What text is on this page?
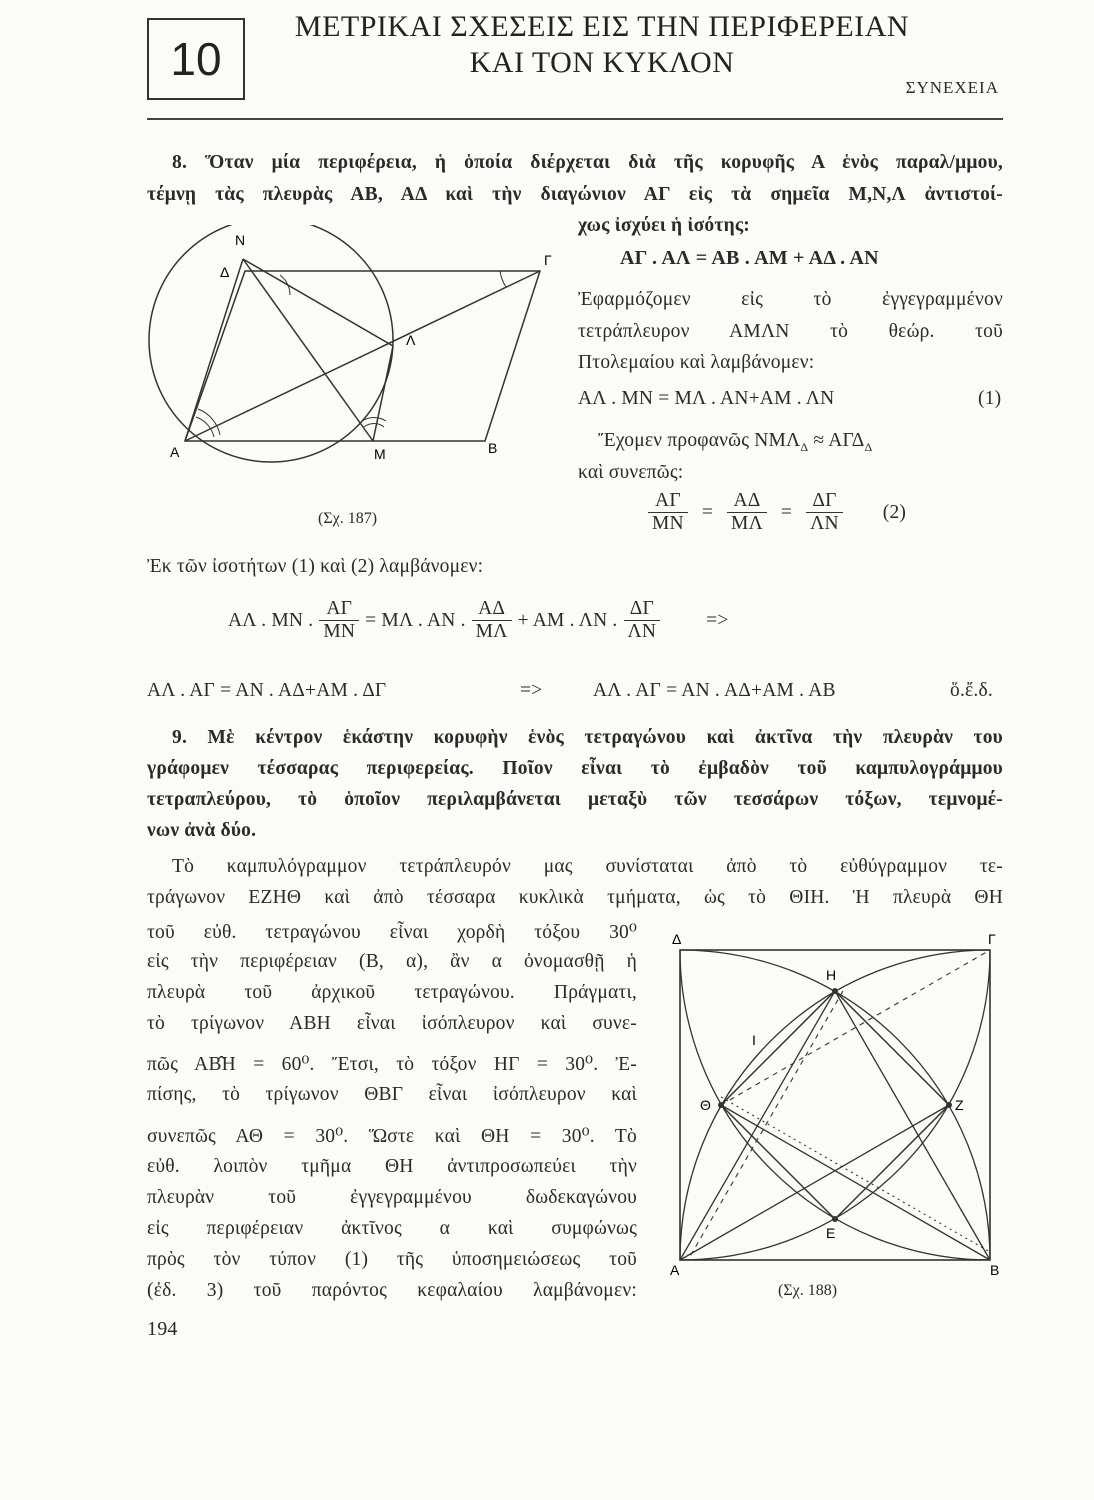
10
ΜΕΤΡΙΚΑΙ ΣΧΕΣΕΙΣ ΕΙΣ ΤΗΝ ΠΕΡΙΦΕΡΕΙΑΝ
ΚΑΙ ΤΟΝ ΚΥΚΛΟΝ
ΣΥΝΕΧΕΙΑ
8. Ὅταν μία περιφέρεια, ἡ ὁποία διέρχεται διὰ τῆς κορυφῆς Α ἑνὸς παραλ/μμου,
τέμνῃ τὰς πλευρὰς ΑΒ, ΑΔ καὶ τὴν διαγώνιον ΑΓ εἰς τὰ σημεῖα Μ,Ν,Λ ἀντιστοί-
χως ἰσχύει ἡ ἰσότης:
Ν
Δ
Γ
Λ
Α	Μ	Β
(Σχ. 187)
ΑΓ . ΑΛ = ΑΒ . ΑΜ + ΑΔ . ΑΝ
Ἐφαρμόζομεν εἰς τὸ ἐγγεγραμμένον
τετράπλευρον ΑΜΛΝ τὸ θεώρ. τοῦ
Πτολεμαίου καὶ λαμβάνομεν:
ΑΛ . ΜΝ = ΜΛ . ΑΝ+ΑΜ . ΛΝ	(1)
Ἔχομεν προφανῶς $NM\Lambda_\Delta \approx A\Gamma\Delta_\Delta$
καὶ συνεπῶς:
$\frac{A\Gamma}{MN} = \frac{A\Delta}{M\Lambda} = \frac{\Delta\Gamma}{\Lambda N} (2)$
Ἐκ τῶν ἰσοτήτων (1) καὶ (2) λαμβάνομεν:
ΑΛ . ΜΝ . $\frac{A\Gamma}{MN} = M\Lambda$ . ΑΝ . $\frac{A\Delta}{M\Lambda} + AM$ . ΛΝ . $\frac{\Delta\Gamma}{\Lambda N}$ =>
ΑΛ . ΑΓ = ΑΝ . ΑΔ+ΑΜ . ΔΓ	=>	ΑΛ . ΑΓ = ΑΝ . ΑΔ+ΑΜ . ΑΒ	ὅ.ἔ.δ.
9. Μὲ κέντρον ἑκάστην κορυφὴν ἑνὸς τετραγώνου καὶ ἀκτῖνα τὴν πλευρὰν του
γράφομεν τέσσαρας περιφερείας. Ποῖον εἶναι τὸ ἐμβαδὸν τοῦ καμπυλογράμμου
τετραπλεύρου, τὸ ὁποῖον περιλαμβάνεται μεταξὺ τῶν τεσσάρων τόξων, τεμνομέ-
νων ἀνὰ δύο.
Τὸ καμπυλόγραμμον τετράπλευρόν μας συνίσταται ἀπὸ τὸ εὐθύγραμμον τε-
τράγωνον ΕΖΗΘ καὶ ἀπὸ τέσσαρα κυκλικὰ τμήματα, ὡς τὸ ΘΙΗ. Ἡ πλευρὰ ΘΗ
τοῦ εὐθ. τετραγώνου εἶναι χορδὴ τόξου 30⁰
εἰς τὴν περιφέρειαν (Β, α), ἂν α ὀνομασθῇ ἡ
πλευρὰ τοῦ ἀρχικοῦ τετραγώνου. Πράγματι,
τὸ τρίγωνον ΑΒΗ εἶναι ἰσόπλευρον καὶ συνε-
πῶς ΑΒ̂Η = 60⁰. Ἔτσι, τὸ τόξον ΗΓ = 30⁰. Ἐ-
πίσης, τὸ τρίγωνον ΘΒΓ εἶναι ἰσόπλευρον καὶ
συνεπῶς ΑΘ = 30⁰. Ὥστε καὶ ΘΗ = 30⁰. Τὸ
εὐθ. λοιπὸν τμῆμα ΘΗ ἀντιπροσωπεύει τὴν
πλευρὰν τοῦ ἐγγεγραμμένου δωδεκαγώνου
εἰς περιφέρειαν ἀκτῖνος α καὶ συμφώνως
πρὸς τὸν τύπον (1) τῆς ὑποσημειώσεως τοῦ
(ἐδ. 3) τοῦ παρόντος κεφαλαίου λαμβάνομεν:
Δ	Γ
Η
Ι
Θ	Ζ
Ε
Α	Β
(Σχ. 188)
194
